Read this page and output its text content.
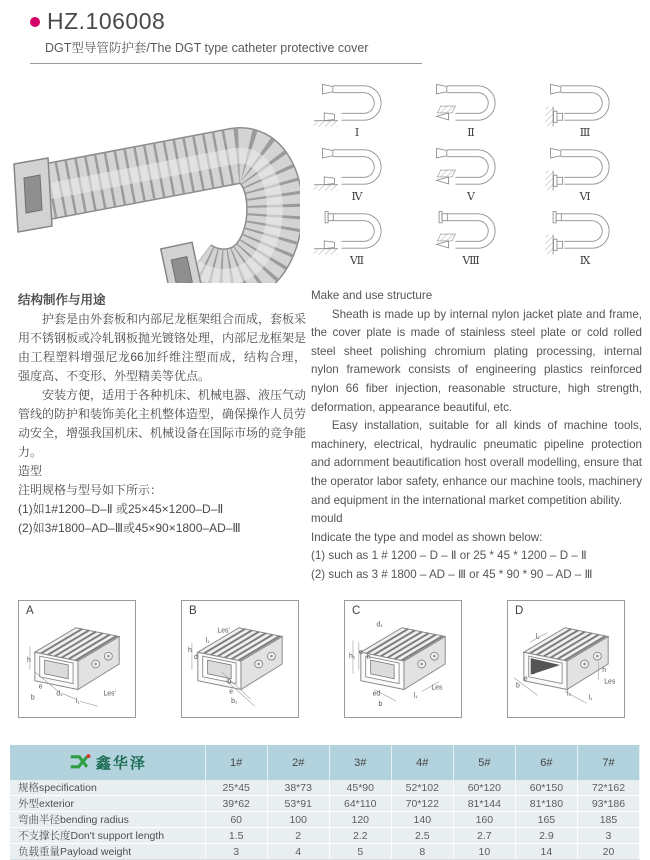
HZ.106008
DGT型导管防护套/The DGT type catheter protective cover
Ⅰ	Ⅱ	Ⅲ
Ⅳ	Ⅴ	Ⅵ
Ⅶ	Ⅷ	Ⅸ

结构制作与用途

护套是由外套板和内部尼龙框架组合而成，套板采用不锈钢板或冷轧钢板抛光镀铬处理，内部尼龙框架是由工程塑料增强尼龙66加纤维注塑而成，结构合理，强度高、不变形、外型精美等优点。

安装方便，适用于各种机床、机械电器、液压气动管线的防护和装饰美化主机整体造型，确保操作人员劳动安全，增强我国机床、机械设备在国际市场的竞争能力。

造型

注明规格与型号如下所示：

(1)如1#1200–D–Ⅱ 或25×45×1200–D–Ⅱ

(2)如3#1800–AD–Ⅲ或45×90×1800–AD–Ⅲ

Make and use structure

Sheath is made up by internal nylon jacket plate and frame, the cover plate is made of stainless steel plate or cold rolled steel sheet polishing chromium plating processing, internal nylon framework consists of engineering plastics reinforced nylon 66 fiber injection, reasonable structure, high strength, deformation, appearance beautiful, etc.

Easy installation, suitable for all kinds of machine tools, machinery, electrical, hydraulic pneumatic pipeline protection and adornment beautification host overall modelling, ensure that the operator labor safety, enhance our machine tools, machinery and equipment in the international market competition ability.

mould

Indicate the type and model as shown below:

(1) such as 1 # 1200 – D – Ⅱ or 25 * 45 * 1200 – D – Ⅱ

(2) such as 3 # 1800 – AD – Ⅲ or 45 * 90 * 90 – AD – Ⅲ

A
h
e
b
d₁
l₁
Les'
B
Les'
l₁
h
d
b
e
b₁
C
d₁
h₁
e
h
ed
b
Les
l₁
D
l₁
b
e
d
l₂
l₁
h
Les
鑫华泽	1#	2#	3#	4#	5#	6#	7#
规格specification	25*45	38*73	45*90	52*102	60*120	60*150	72*162
外型exterior	39*62	53*91	64*110	70*122	81*144	81*180	93*186
弯曲半径bending radius	60	100	120	140	160	165	185
不支撑长度Don't support length	1.5	2	2.2	2.5	2.7	2.9	3
负载重量Payload weight	3	4	5	8	10	14	20
